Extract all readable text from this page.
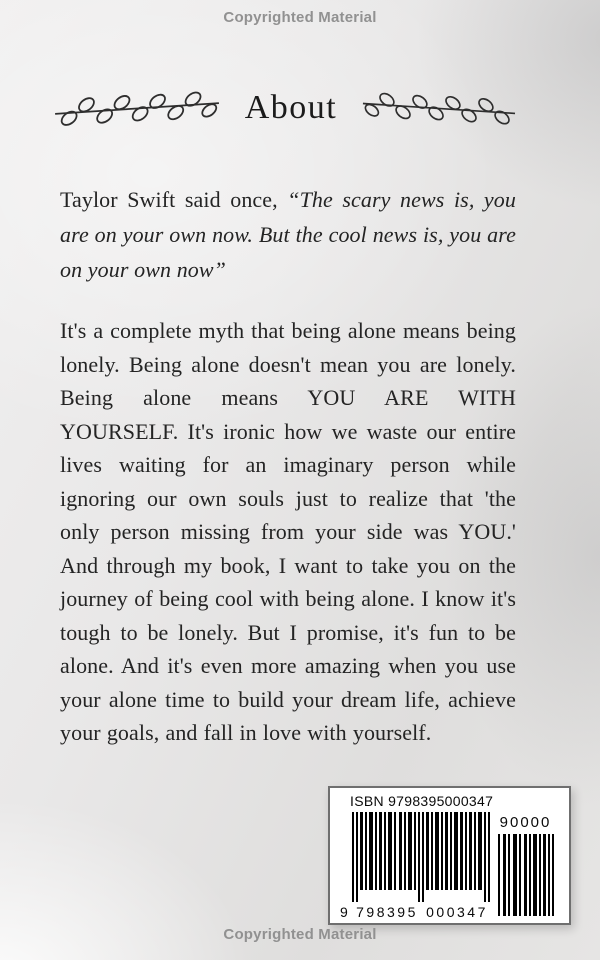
Copyrighted Material
About

Taylor Swift said once, “The scary news is, you are on your own now. But the cool news is, you are on your own now”

It's a complete myth that being alone means being lonely. Being alone doesn't mean you are lonely. Being alone means YOU ARE WITH YOURSELF. It's ironic how we waste our entire lives waiting for an imaginary person while ignoring our own souls just to realize that 'the only person missing from your side was YOU.' And through my book, I want to take you on the journey of being cool with being alone. I know it's tough to be lonely. But I promise, it's fun to be alone. And it's even more amazing when you use your alone time to build your dream life, achieve your goals, and fall in love with yourself.

ISBN 9798395000347
9 798395 000347
90000
Copyrighted Material
